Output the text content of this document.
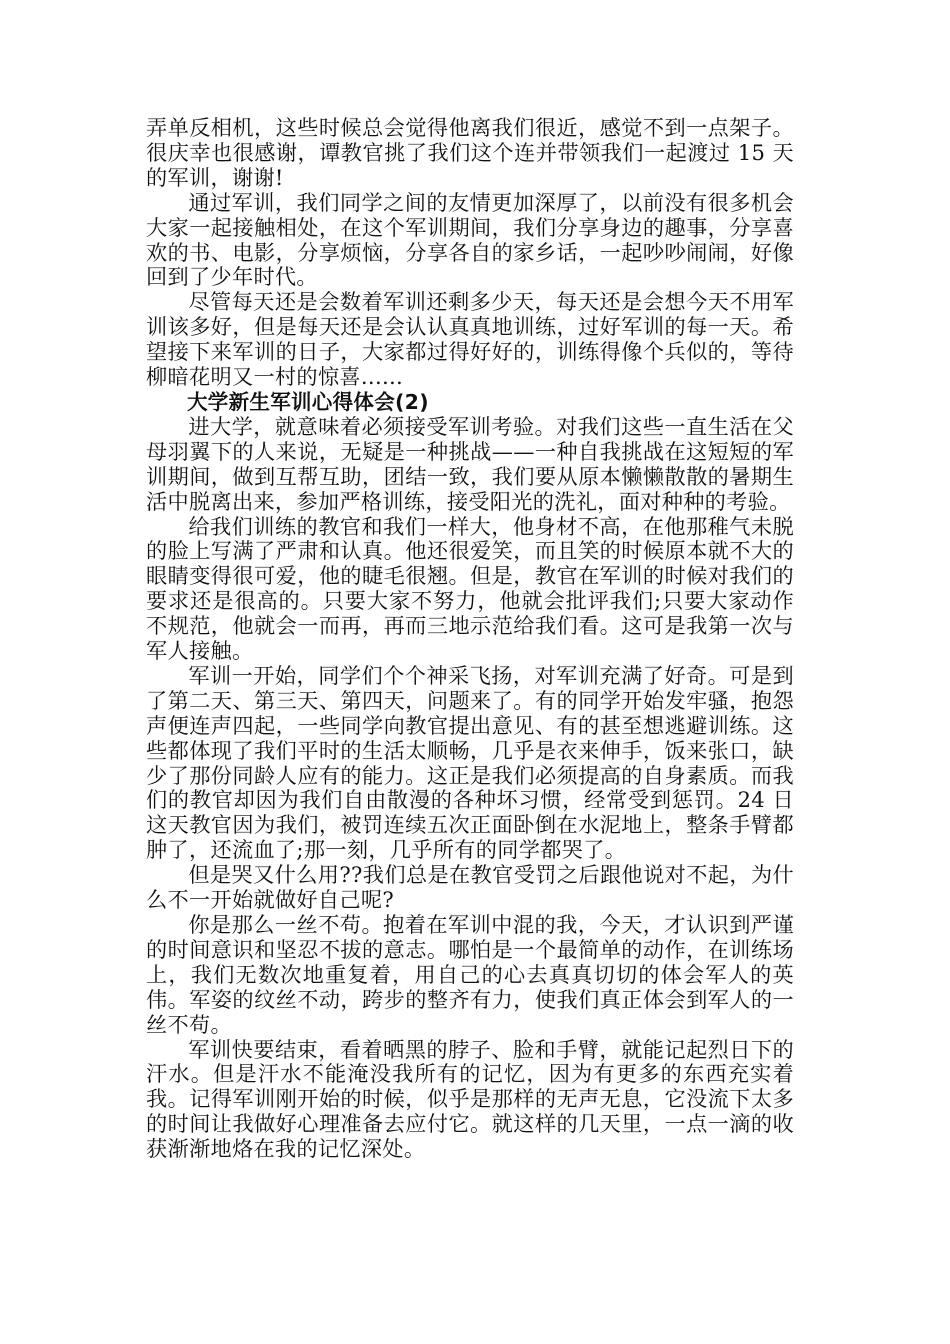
弄单反相机，这些时候总会觉得他离我们很近，感觉不到一点架子。很庆幸也很感谢，谭教官挑了我们这个连并带领我们一起渡过 15 天的军训，谢谢!

通过军训，我们同学之间的友情更加深厚了，以前没有很多机会大家一起接触相处，在这个军训期间，我们分享身边的趣事，分享喜欢的书、电影，分享烦恼，分享各自的家乡话，一起吵吵闹闹，好像回到了少年时代。

尽管每天还是会数着军训还剩多少天，每天还是会想今天不用军训该多好，但是每天还是会认认真真地训练，过好军训的每一天。希望接下来军训的日子，大家都过得好好的，训练得像个兵似的，等待柳暗花明又一村的惊喜......

大学新生军训心得体会(2)

进大学，就意味着必须接受军训考验。对我们这些一直生活在父母羽翼下的人来说，无疑是一种挑战——一种自我挑战在这短短的军训期间，做到互帮互助，团结一致，我们要从原本懒懒散散的暑期生活中脱离出来，参加严格训练，接受阳光的洗礼，面对种种的考验。

给我们训练的教官和我们一样大，他身材不高，在他那稚气未脱的脸上写满了严肃和认真。他还很爱笑，而且笑的时候原本就不大的眼睛变得很可爱，他的睫毛很翘。但是，教官在军训的时候对我们的要求还是很高的。只要大家不努力，他就会批评我们;只要大家动作不规范，他就会一而再，再而三地示范给我们看。这可是我第一次与军人接触。

军训一开始，同学们个个神采飞扬，对军训充满了好奇。可是到了第二天、第三天、第四天，问题来了。有的同学开始发牢骚，抱怨声便连声四起，一些同学向教官提出意见、有的甚至想逃避训练。这些都体现了我们平时的生活太顺畅，几乎是衣来伸手，饭来张口，缺少了那份同龄人应有的能力。这正是我们必须提高的自身素质。而我们的教官却因为我们自由散漫的各种坏习惯，经常受到惩罚。24 日这天教官因为我们，被罚连续五次正面卧倒在水泥地上，整条手臂都肿了，还流血了;那一刻，几乎所有的同学都哭了。

但是哭又什么用??我们总是在教官受罚之后跟他说对不起，为什么不一开始就做好自己呢?

你是那么一丝不苟。抱着在军训中混的我，今天，才认识到严谨的时间意识和坚忍不拔的意志。哪怕是一个最简单的动作，在训练场上，我们无数次地重复着，用自己的心去真真切切的体会军人的英伟。军姿的纹丝不动，跨步的整齐有力，使我们真正体会到军人的一丝不苟。

军训快要结束，看着晒黑的脖子、脸和手臂，就能记起烈日下的汗水。但是汗水不能淹没我所有的记忆，因为有更多的东西充实着我。记得军训刚开始的时候，似乎是那样的无声无息，它没流下太多的时间让我做好心理准备去应付它。就这样的几天里，一点一滴的收获渐渐地烙在我的记忆深处。
